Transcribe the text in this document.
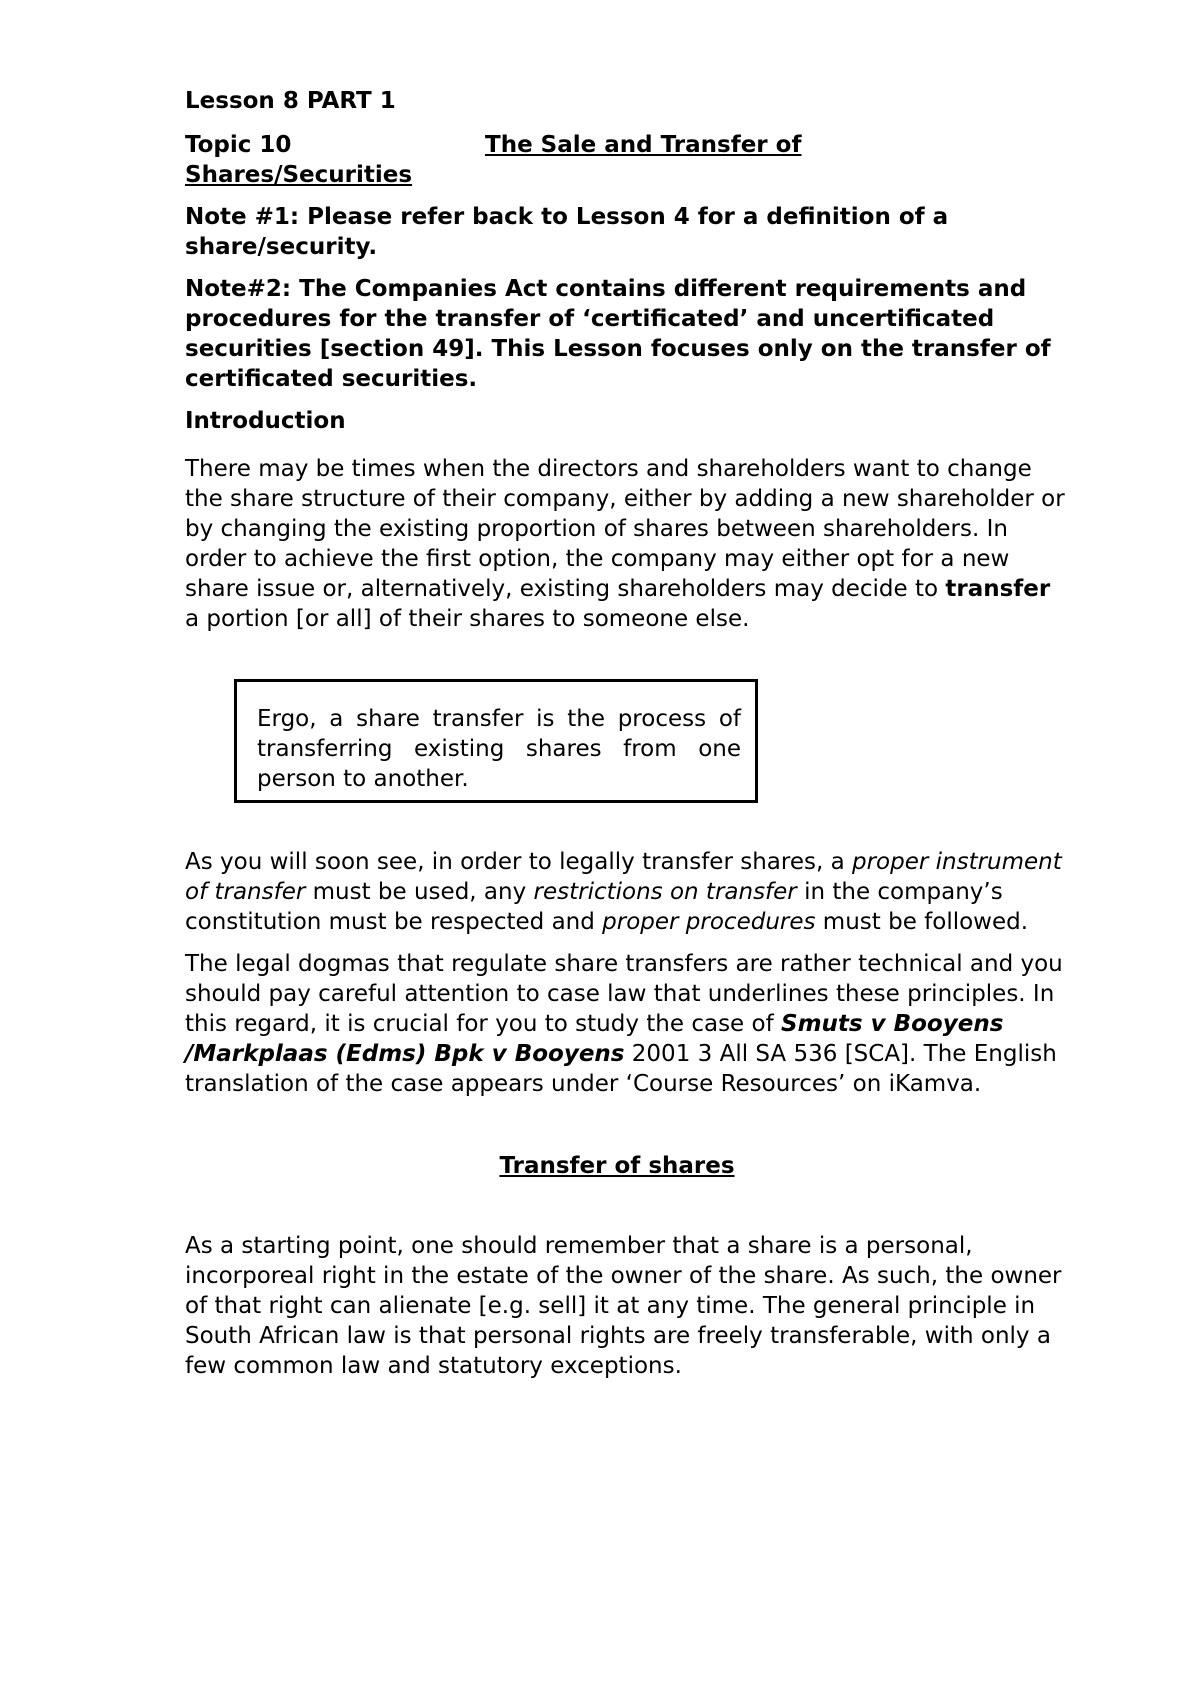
Lesson 8 PART 1

Topic 10	The Sale and Transfer of
Shares/Securities

Note #1: Please refer back to Lesson 4 for a definition of a share/security.

Note#2: The Companies Act contains different requirements and procedures for the transfer of ‘certificated’ and uncertificated securities [section 49]. This Lesson focuses only on the transfer of certificated securities.

Introduction

There may be times when the directors and shareholders want to change the share structure of their company, either by adding a new shareholder or by changing the existing proportion of shares between shareholders. In order to achieve the first option, the company may either opt for a new share issue or, alternatively, existing shareholders may decide to transfer a portion [or all] of their shares to someone else.

Ergo, a share transfer is the process of transferring existing shares from one person to another.

As you will soon see, in order to legally transfer shares, a proper instrument of transfer must be used, any restrictions on transfer in the company’s constitution must be respected and proper procedures must be followed.

The legal dogmas that regulate share transfers are rather technical and you should pay careful attention to case law that underlines these principles. In this regard, it is crucial for you to study the case of Smuts v Booyens /Markplaas (Edms) Bpk v Booyens 2001 3 All SA 536 [SCA]. The English translation of the case appears under ‘Course Resources’ on iKamva.

Transfer of shares

As a starting point, one should remember that a share is a personal, incorporeal right in the estate of the owner of the share. As such, the owner of that right can alienate [e.g. sell] it at any time. The general principle in South African law is that personal rights are freely transferable, with only a few common law and statutory exceptions.
